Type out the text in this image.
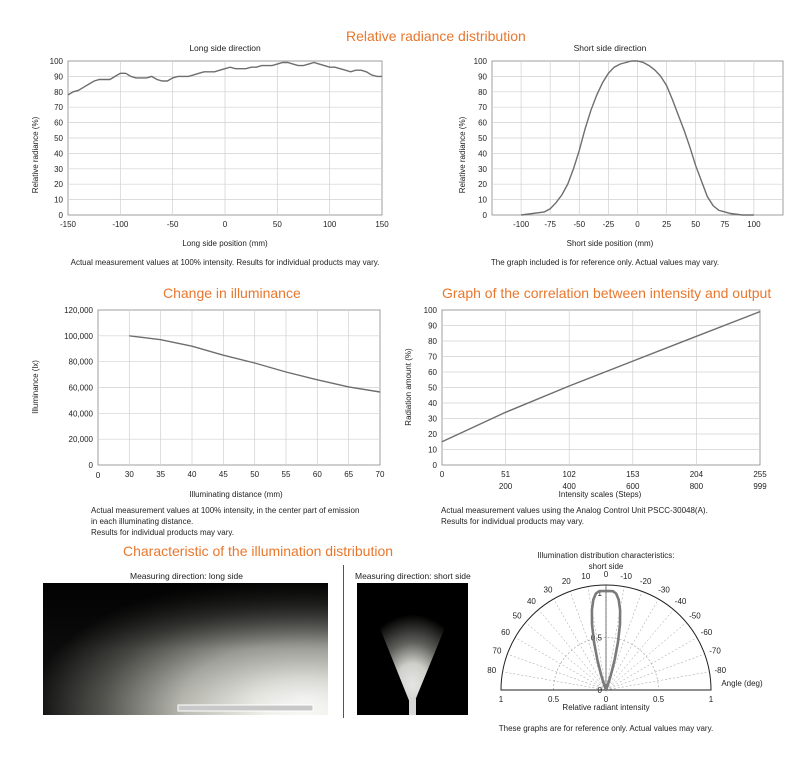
Relative radiance distribution
Change in illuminance	Graph of the correlation between intensity and output
Characteristic of the illumination distribution
Long side direction
Long side position (mm)
Relative radiance (%)
Actual measurement values at 100% intensity. Results for individual products may vary.
0
10
20
30
40
50
60
70
80
90
100
-150	-100	-50	0	50	100	150
Short side direction
Short side position (mm)
Relative radiance (%)
The graph included is for reference only. Actual values may vary.
0
10
20
30
40
50
60
70
80
90
100
-100 -75 -50 -25	0	25	50	75 100
Illuminating distance (mm)
Illuminance (lx)
0
20,000
40,000
60,000
80,000
100,000
120,000
30	35	40	45	50	55	60	65	70
0
Actual measurement values at 100% intensity, in the center part of emission
in each illuminating distance.
Results for individual products may vary.
Intensity scales (Steps)
Radiation amount (%)
0
10
20
30
40
50
60
70
80
90
100
0	51
200
102
400
153
600
204
800
255
999
Actual measurement values using the Analog Control Unit PSCC-30048(A).
Results for individual products may vary.
Measuring direction: long side	Measuring direction: short side
Illumination distribution characteristics:
short side
Relative radiant intensity
Angle (deg)
These graphs are for reference only. Actual values may vary.
10
20
30
40
50
60
70
80
-10
-20
-30
-40
-50
-60
-70
-80
0
1	0.5	0	0.5	1
1
0.5
0
